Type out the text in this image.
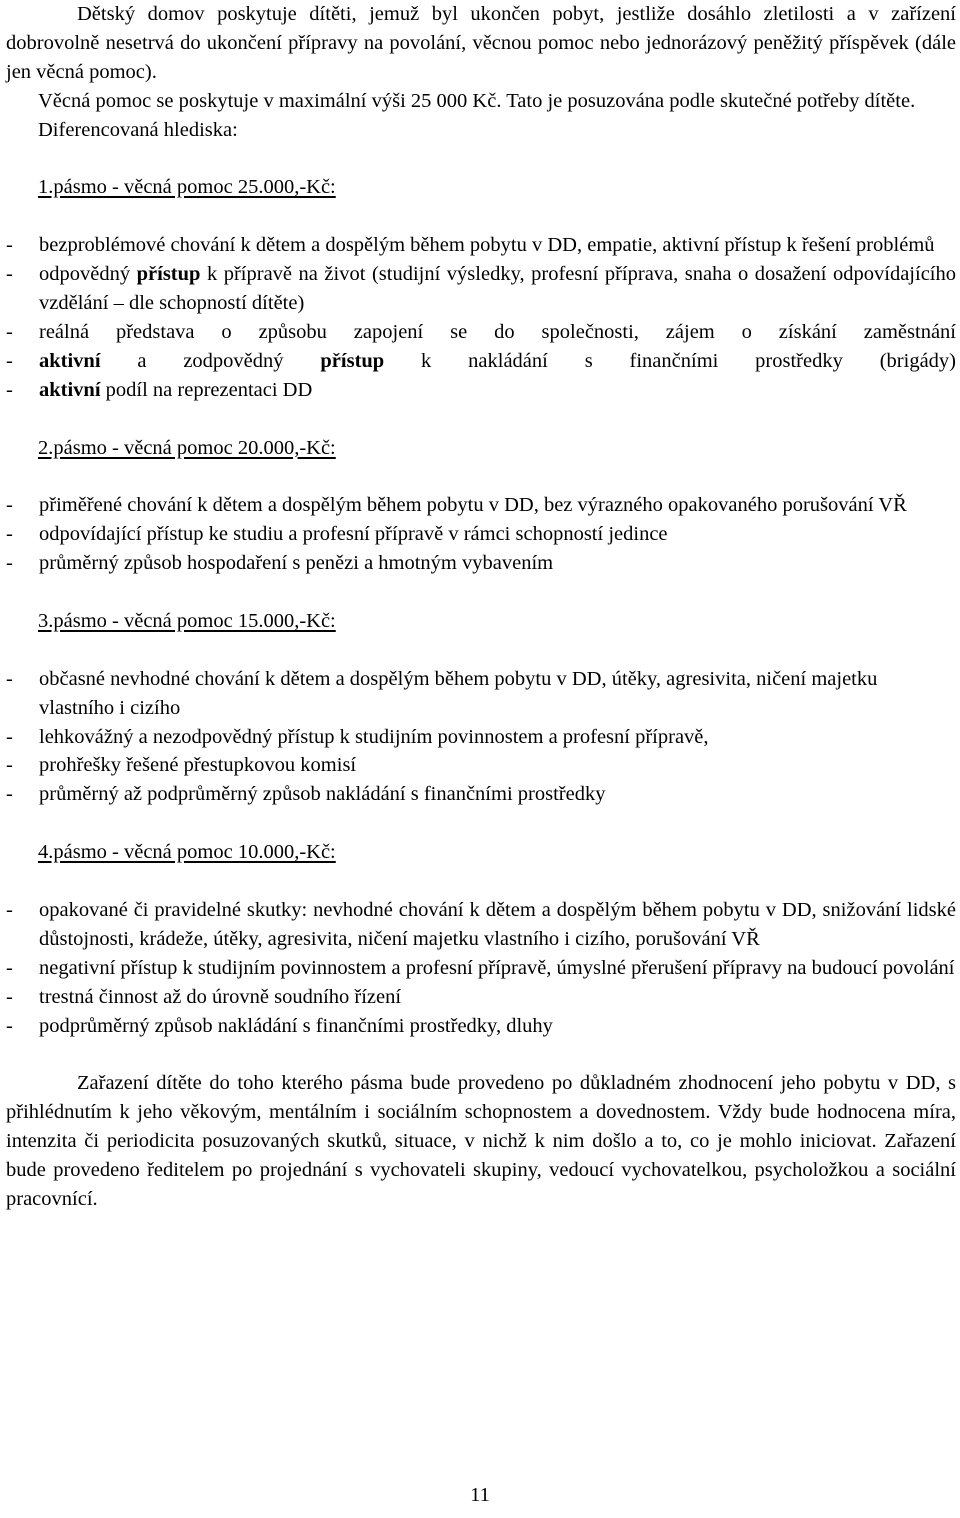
Dětský domov poskytuje dítěti, jemuž byl ukončen pobyt, jestliže dosáhlo zletilosti a v zařízení dobrovolně nesetrvá do ukončení přípravy na povolání, věcnou pomoc nebo jednorázový peněžitý příspěvek (dále jen věcná pomoc).

Věcná pomoc se poskytuje v maximální výši 25 000 Kč. Tato je posuzována podle skutečné potřeby dítěte.

Diferencovaná hlediska:

1.pásmo - věcná pomoc 25.000,-Kč:

- bezproblémové chování k dětem a dospělým během pobytu v DD, empatie, aktivní přístup k řešení problémů

- odpovědný přístup k přípravě na život (studijní výsledky, profesní příprava, snaha o dosažení odpovídajícího vzdělání – dle schopností dítěte)

- reálná představa o způsobu zapojení se do společnosti, zájem o získání zaměstnání

- aktivní a zodpovědný přístup k nakládání s finančními prostředky (brigády)

- aktivní podíl na reprezentaci DD

2.pásmo - věcná pomoc 20.000,-Kč:

- přiměřené chování k dětem a dospělým během pobytu v DD, bez výrazného opakovaného porušování VŘ

- odpovídající přístup ke studiu a profesní přípravě v rámci schopností jedince

- průměrný způsob hospodaření s penězi a hmotným vybavením

3.pásmo - věcná pomoc 15.000,-Kč:

- občasné nevhodné chování k dětem a dospělým během pobytu v DD, útěky, agresivita, ničení majetku vlastního i cizího

- lehkovážný a nezodpovědný přístup k studijním povinnostem a profesní přípravě,

- prohřešky řešené přestupkovou komisí

- průměrný až podprůměrný způsob nakládání s finančními prostředky

4.pásmo - věcná pomoc 10.000,-Kč:

- opakované či pravidelné skutky: nevhodné chování k dětem a dospělým během pobytu v DD, snižování lidské důstojnosti, krádeže, útěky, agresivita, ničení majetku vlastního i cizího, porušování VŘ

- negativní přístup k studijním povinnostem a profesní přípravě, úmyslné přerušení přípravy na budoucí povolání

- trestná činnost až do úrovně soudního řízení

- podprůměrný způsob nakládání s finančními prostředky, dluhy

Zařazení dítěte do toho kterého pásma bude provedeno po důkladném zhodnocení jeho pobytu v DD, s přihlédnutím k jeho věkovým, mentálním i sociálním schopnostem a dovednostem. Vždy bude hodnocena míra, intenzita či periodicita posuzovaných skutků, situace, v nichž k nim došlo a to, co je mohlo iniciovat. Zařazení bude provedeno ředitelem po projednání s vychovateli skupiny, vedoucí vychovatelkou, psycholožkou a sociální pracovnící.

11
